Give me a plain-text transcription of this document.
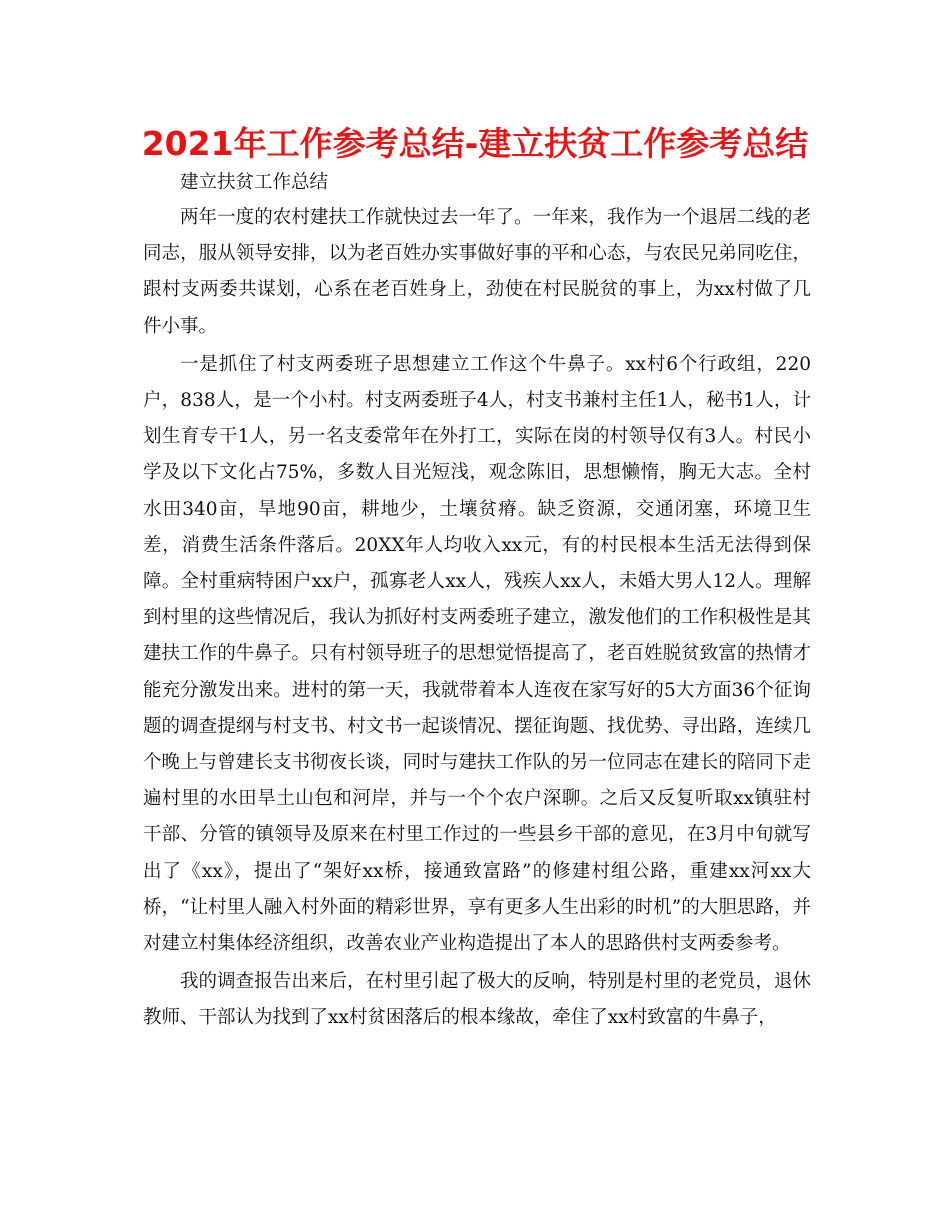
2021年工作参考总结-建立扶贫工作参考总结

建立扶贫工作总结

两年一度的农村建扶工作就快过去一年了。一年来，我作为一个退居二线的老同志，服从领导安排，以为老百姓办实事做好事的平和心态，与农民兄弟同吃住，跟村支两委共谋划，心系在老百姓身上，劲使在村民脱贫的事上，为xx村做了几件小事。

一是抓住了村支两委班子思想建立工作这个牛鼻子。xx村6个行政组，220户，838人，是一个小村。村支两委班子4人，村支书兼村主任1人，秘书1人，计划生育专干1人，另一名支委常年在外打工，实际在岗的村领导仅有3人。村民小学及以下文化占75%，多数人目光短浅，观念陈旧，思想懒惰，胸无大志。全村水田340亩，旱地90亩，耕地少，土壤贫瘠。缺乏资源，交通闭塞，环境卫生差，消费生活条件落后。20XX年人均收入xx元，有的村民根本生活无法得到保障。全村重病特困户xx户，孤寡老人xx人，残疾人xx人，未婚大男人12人。理解到村里的这些情况后，我认为抓好村支两委班子建立，激发他们的工作积极性是其建扶工作的牛鼻子。只有村领导班子的思想觉悟提高了，老百姓脱贫致富的热情才能充分激发出来。进村的第一天，我就带着本人连夜在家写好的5大方面36个征询题的调查提纲与村支书、村文书一起谈情况、摆征询题、找优势、寻出路，连续几个晚上与曾建长支书彻夜长谈，同时与建扶工作队的另一位同志在建长的陪同下走遍村里的水田旱土山包和河岸，并与一个个农户深聊。之后又反复听取xx镇驻村干部、分管的镇领导及原来在村里工作过的一些县乡干部的意见，在3月中旬就写出了《xx》，提出了“架好xx桥，接通致富路”的修建村组公路，重建xx河xx大桥，“让村里人融入村外面的精彩世界，享有更多人生出彩的时机”的大胆思路，并对建立村集体经济组织，改善农业产业构造提出了本人的思路供村支两委参考。

我的调查报告出来后，在村里引起了极大的反响，特别是村里的老党员，退休教师、干部认为找到了xx村贫困落后的根本缘故，牵住了xx村致富的牛鼻子，
